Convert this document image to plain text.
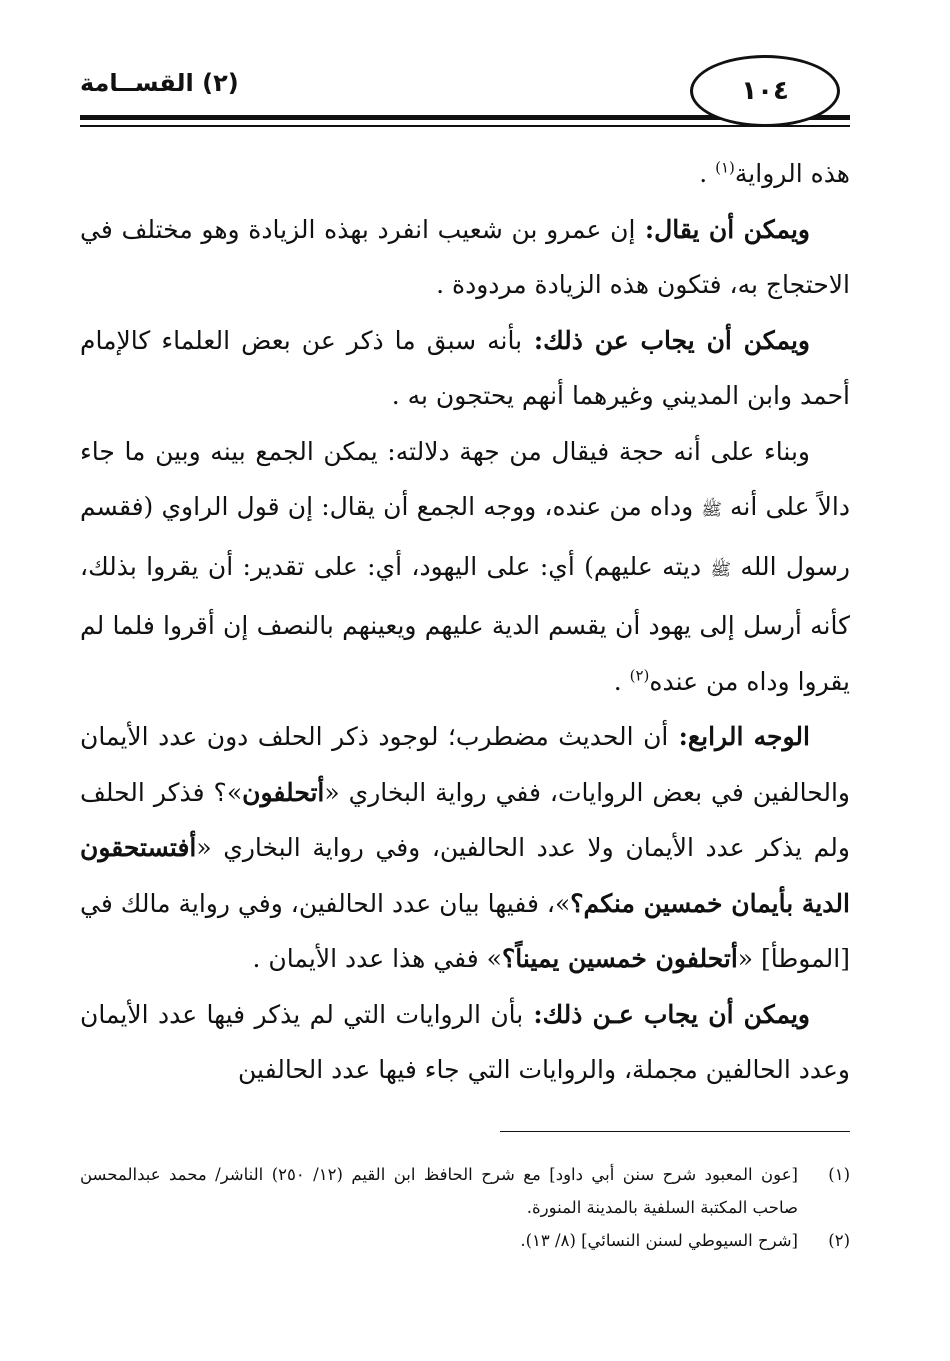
١٠٤
(٢) القســامة

هذه الرواية$^{(١)}$ .

ويمكن أن يقال: إن عمرو بن شعيب انفرد بهذه الزيادة وهو مختلف في الاحتجاج به، فتكون هذه الزيادة مردودة .

ويمكن أن يجاب عن ذلك: بأنه سبق ما ذكر عن بعض العلماء كالإمام أحمد وابن المديني وغيرهما أنهم يحتجون به .

وبناء على أنه حجة فيقال من جهة دلالته: يمكن الجمع بينه وبين ما جاء دالاً على أنه ﷺ وداه من عنده، ووجه الجمع أن يقال: إن قول الراوي (فقسم رسول الله ﷺ ديته عليهم) أي: على اليهود، أي: على تقدير: أن يقروا بذلك، كأنه أرسل إلى يهود أن يقسم الدية عليهم ويعينهم بالنصف إن أقروا فلما لم يقروا وداه من عنده$^{(٢)}$ .

الوجه الرابع: أن الحديث مضطرب؛ لوجود ذكر الحلف دون عدد الأيمان والحالفين في بعض الروايات، ففي رواية البخاري «أتحلفون»؟ فذكر الحلف ولم يذكر عدد الأيمان ولا عدد الحالفين، وفي رواية البخاري «أفتستحقون الدية بأيمان خمسين منكم؟»، ففيها بيان عدد الحالفين، وفي رواية مالك في [الموطأ] «أتحلفون خمسين يميناً؟» ففي هذا عدد الأيمان .

ويمكن أن يجاب عـن ذلك: بأن الروايات التي لم يذكر فيها عدد الأيمان وعدد الحالفين مجملة، والروايات التي جاء فيها عدد الحالفين

(١)
[عون المعبود شرح سنن أبي داود] مع شرح الحافظ ابن القيم (١٢/ ٢٥٠) الناشر/ محمد عبدالمحسن صاحب المكتبة السلفية بالمدينة المنورة.
(٢)
[شرح السيوطي لسنن النسائي] (٨/ ١٣).
